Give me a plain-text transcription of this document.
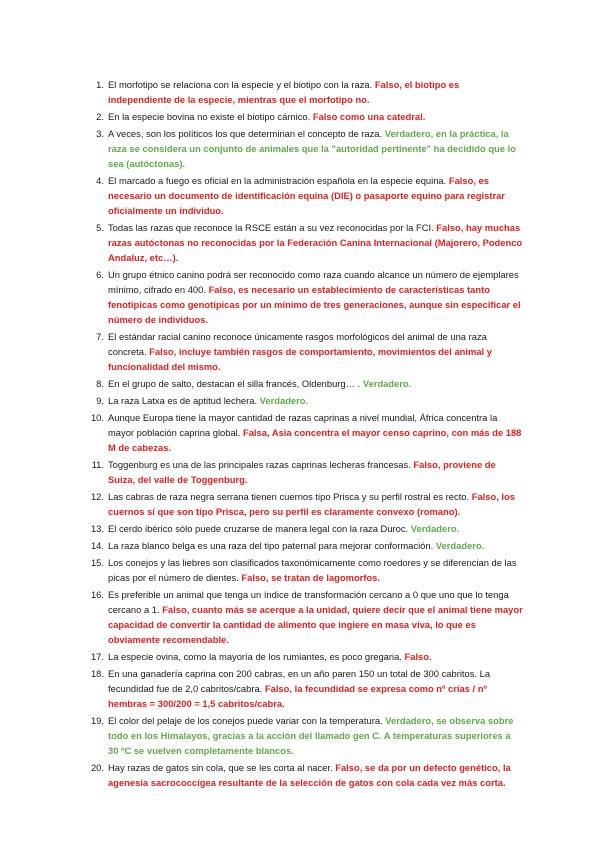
1. El morfotipo se relaciona con la especie y el biotipo con la raza. Falso, el biotipo es independiente de la especie, mientras que el morfotipo no.
2. En la especie bovina no existe el biotipo cárnico. Falso como una catedral.
3. A veces, son los políticos los que determinan el concepto de raza. Verdadero, en la práctica, la raza se considera un conjunto de animales que la "autoridad pertinente" ha decidido que lo sea (autóctonas).
4. El marcado a fuego es oficial en la administración española en la especie equina. Falso, es necesario un documento de identificación equina (DIE) o pasaporte equino para registrar oficialmente un individuo.
5. Todas las razas que reconoce la RSCE están a su vez reconocidas por la FCI. Falso, hay muchas razas autóctonas no reconocidas por la Federación Canina Internacional (Majorero, Podenco Andaluz, etc…).
6. Un grupo étnico canino podrá ser reconocido como raza cuando alcance un número de ejemplares mínimo, cifrado en 400. Falso, es necesario un establecimiento de características tanto fenotípicas como genotípicas por un mínimo de tres generaciones, aunque sin especificar el número de individuos.
7. El estándar racial canino reconoce únicamente rasgos morfológicos del animal de una raza concreta. Falso, incluye también rasgos de comportamiento, movimientos del animal y funcionalidad del mismo.
8. En el grupo de salto, destacan el silla francés, Oldenburg… . Verdadero.
9. La raza Latxa es de aptitud lechera. Verdadero.
10. Aunque Europa tiene la mayor cantidad de razas caprinas a nivel mundial, África concentra la mayor población caprina global. Falsa, Asia concentra el mayor censo caprino, con más de 188 M de cabezas.
11. Toggenburg es una de las principales razas caprinas lecheras francesas. Falso, proviene de Suiza, del valle de Toggenburg.
12. Las cabras de raza negra serrana tienen cuernos tipo Prisca y su perfil rostral es recto. Falso, los cuernos sí que son tipo Prisca, pero su perfil es claramente convexo (romano).
13. El cerdo ibérico sólo puede cruzarse de manera legal con la raza Duroc. Verdadero.
14. La raza blanco belga es una raza del tipo paternal para mejorar conformación. Verdadero.
15. Los conejos y las liebres son clasificados taxonómicamente como roedores y se diferencian de las picas por el número de dientes. Falso, se tratan de lagomorfos.
16. Es preferible un animal que tenga un índice de transformación cercano a 0 que uno que lo tenga cercano a 1. Falso, cuanto más se acerque a la unidad, quiere decir que el animal tiene mayor capacidad de convertir la cantidad de alimento que ingiere en masa viva, lo que es obviamente recomendable.
17. La especie ovina, como la mayoría de los rumiantes, es poco gregaria. Falso.
18. En una ganadería caprina con 200 cabras, en un año paren 150 un total de 300 cabritos. La fecundidad fue de 2,0 cabritos/cabra. Falso, la fecundidad se expresa como nº crías / nº hembras = 300/200 = 1,5 cabritos/cabra.
19. El color del pelaje de los conejos puede variar con la temperatura. Verdadero, se observa sobre todo en los Himalayos, gracias a la acción del llamado gen C. A temperaturas superiores a 30 ºC se vuelven completamente blancos.
20. Hay razas de gatos sin cola, que se les corta al nacer. Falso, se da por un defecto genético, la agenesia sacrococcígea resultante de la selección de gatos con cola cada vez más corta.
